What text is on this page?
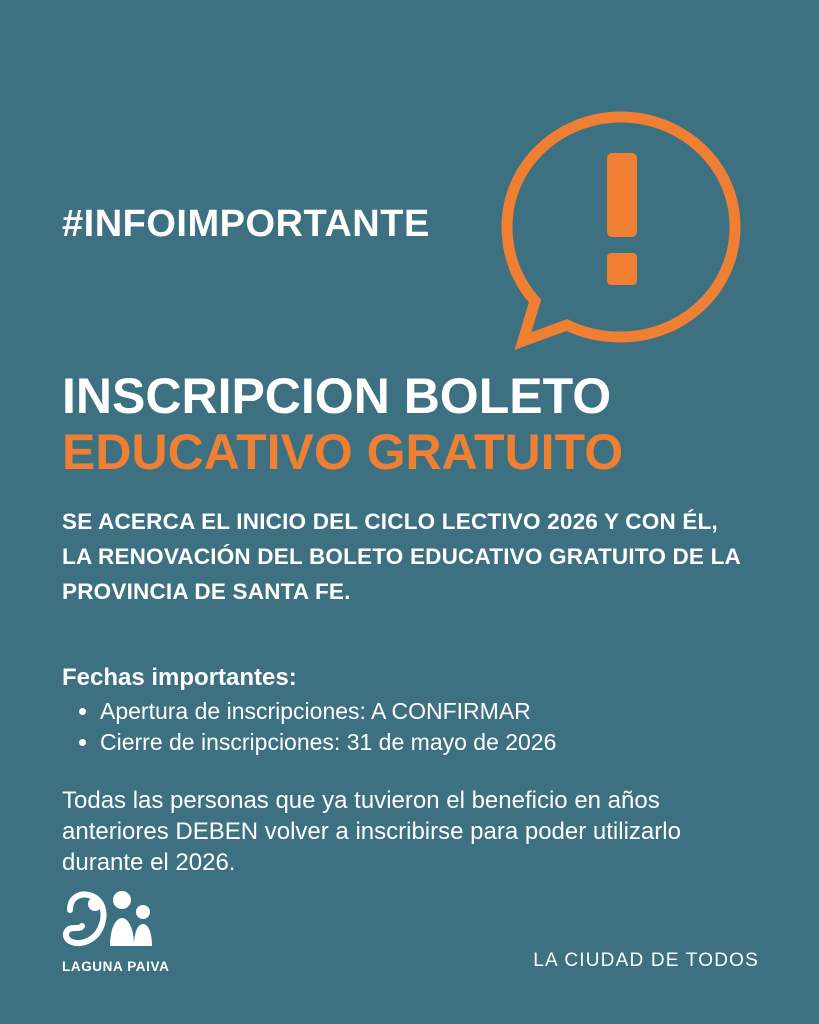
#INFOIMPORTANTE
INSCRIPCION BOLETO
EDUCATIVO GRATUITO
SE ACERCA EL INICIO DEL CICLO LECTIVO 2026 Y CON ÉL, LA RENOVACIÓN DEL BOLETO EDUCATIVO GRATUITO DE LA PROVINCIA DE SANTA FE.
Fechas importantes:
• Apertura de inscripciones: A CONFIRMAR
• Cierre de inscripciones: 31 de mayo de 2026
Todas las personas que ya tuvieron el beneficio en años anteriores DEBEN volver a inscribirse para poder utilizarlo durante el 2026.
LAGUNA PAIVA	LA CIUDAD DE TODOS
